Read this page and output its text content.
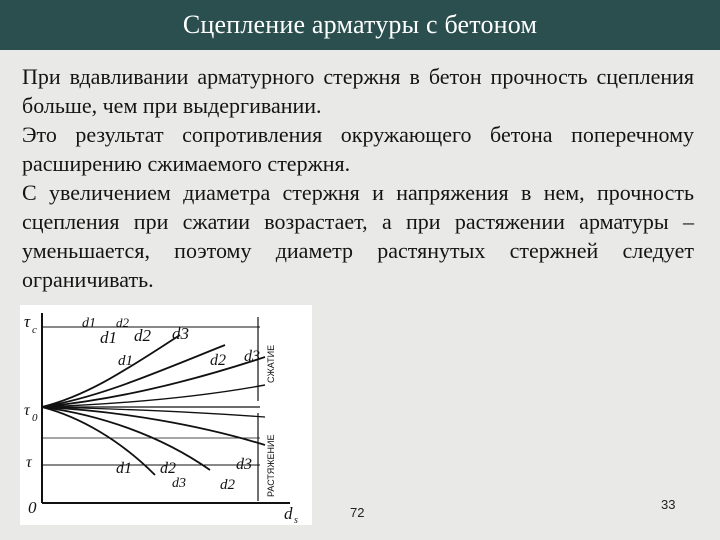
Сцепление арматуры с бетоном

При вдавливании арматурного стержня в бетон прочность сцепления больше, чем при выдергивании.

Это результат сопротивления окружающего бетона поперечному расширению сжимаемого стержня.

С увеличением диаметра стержня и напряжения в нем, прочность сцепления при сжатии возрастает, а при растяжении арматуры – уменьшается, поэтому диаметр растянутых стержней следует ограничивать.

τ c
τ 0
τ
0	d s
d1
d1
d2
d2 d3
d1	d2 d3
d1 d2
d3 d2
d3
СЖАТИЕ
РАСТЯЖЕНИЕ
72
33
